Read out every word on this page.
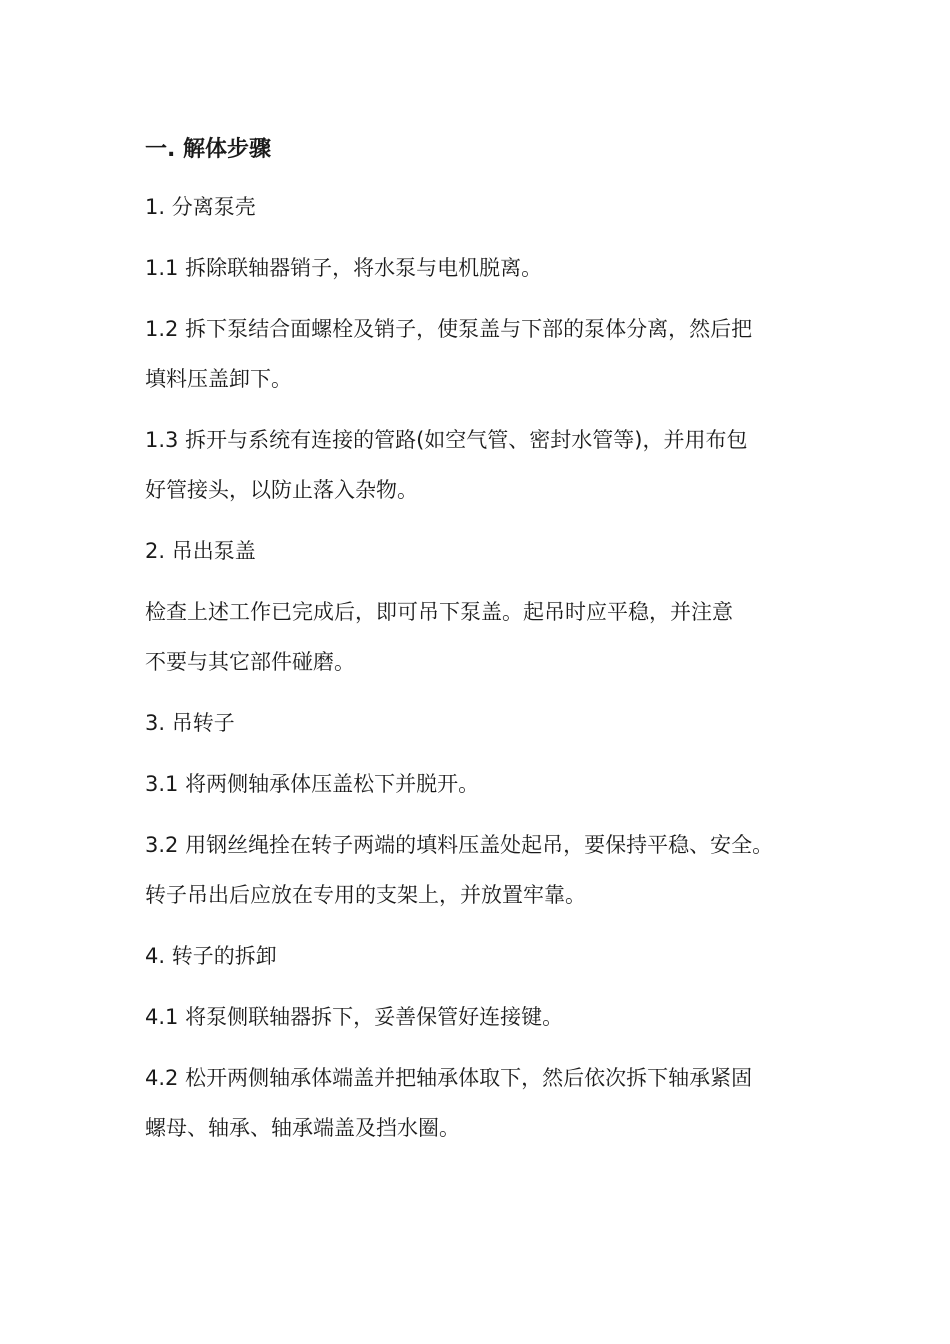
一. 解体步骤
1. 分离泵壳
1.1 拆除联轴器销子，将水泵与电机脱离。
1.2 拆下泵结合面螺栓及销子，使泵盖与下部的泵体分离，然后把
填料压盖卸下。
1.3 拆开与系统有连接的管路(如空气管、密封水管等)，并用布包
好管接头，以防止落入杂物。
2. 吊出泵盖
检查上述工作已完成后，即可吊下泵盖。起吊时应平稳，并注意
不要与其它部件碰磨。
3. 吊转子
3.1 将两侧轴承体压盖松下并脱开。
3.2 用钢丝绳拴在转子两端的填料压盖处起吊，要保持平稳、安全。
转子吊出后应放在专用的支架上，并放置牢靠。
4. 转子的拆卸
4.1 将泵侧联轴器拆下，妥善保管好连接键。
4.2 松开两侧轴承体端盖并把轴承体取下，然后依次拆下轴承紧固
螺母、轴承、轴承端盖及挡水圈。
